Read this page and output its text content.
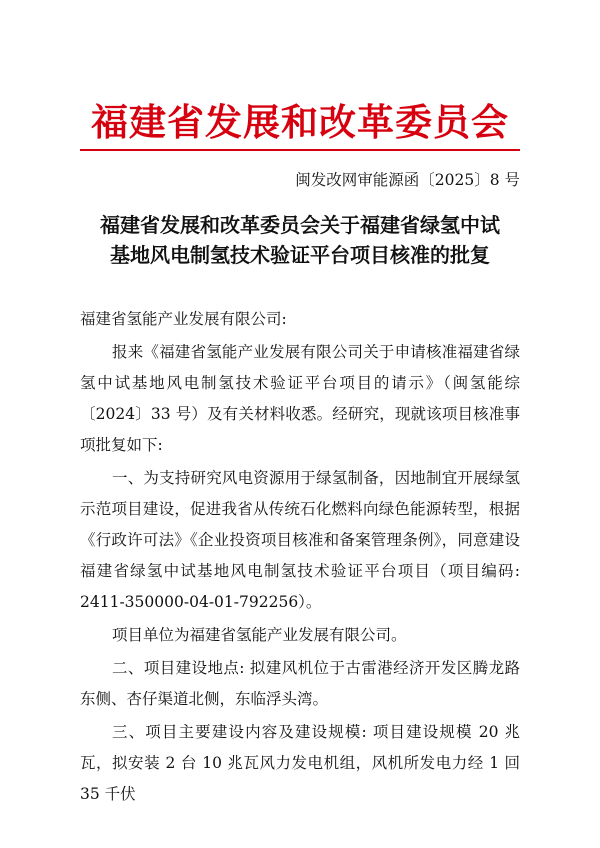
福建省发展和改革委员会
闽发改网审能源函〔2025〕8 号
福建省发展和改革委员会关于福建省绿氢中试
基地风电制氢技术验证平台项目核准的批复

福建省氢能产业发展有限公司:

报来《福建省氢能产业发展有限公司关于申请核准福建省绿氢中试基地风电制氢技术验证平台项目的请示》（闽氢能综〔2024〕33 号）及有关材料收悉。经研究，现就该项目核准事项批复如下:

一、为支持研究风电资源用于绿氢制备，因地制宜开展绿氢示范项目建设，促进我省从传统石化燃料向绿色能源转型，根据《行政许可法》《企业投资项目核准和备案管理条例》，同意建设福建省绿氢中试基地风电制氢技术验证平台项目（项目编码: 2411-350000-04-01-792256）。

项目单位为福建省氢能产业发展有限公司。

二、项目建设地点: 拟建风机位于古雷港经济开发区腾龙路东侧、杏仔渠道北侧，东临浮头湾。

三、项目主要建设内容及建设规模: 项目建设规模 20 兆瓦，拟安装 2 台 10 兆瓦风力发电机组，风机所发电力经 1 回 35 千伏
